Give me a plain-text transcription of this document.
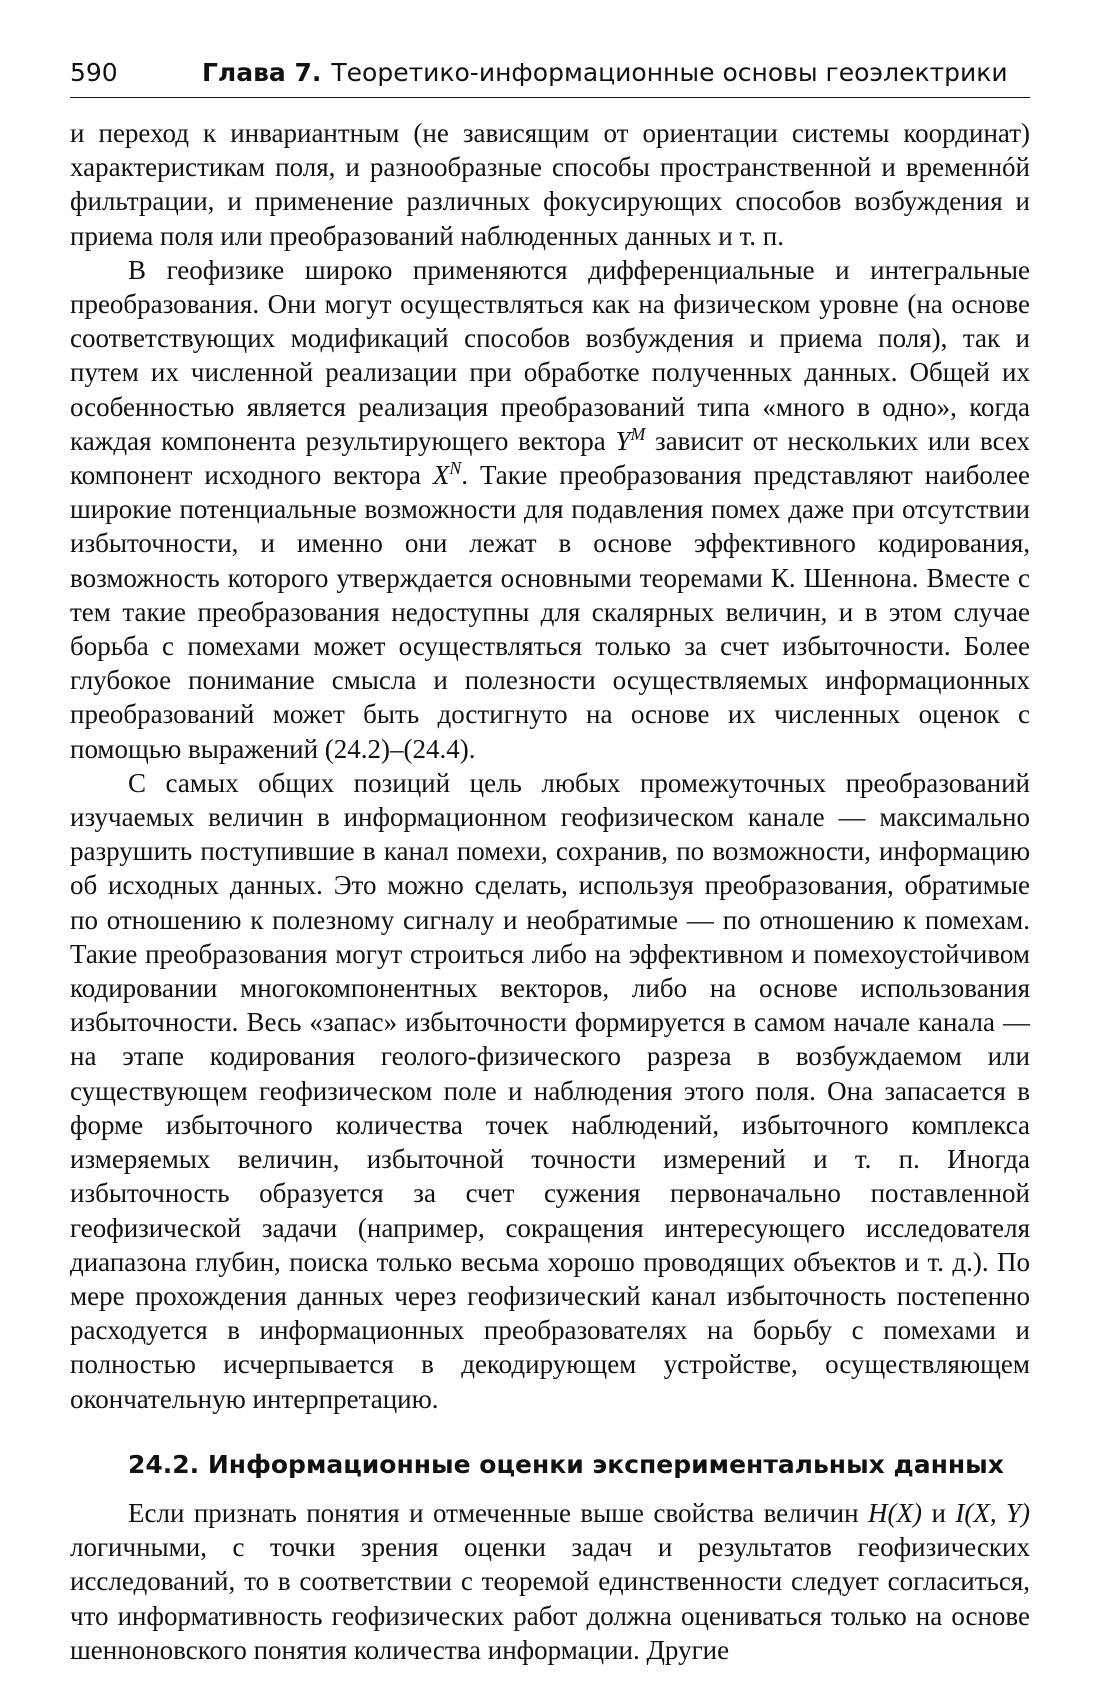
590	Глава 7. Теоретико-информационные основы геоэлектрики

и переход к инвариантным (не зависящим от ориентации системы координат) характеристикам поля, и разнообразные способы пространственной и временнóй фильтрации, и применение различных фокусирующих способов возбуждения и приема поля или преобразований наблюденных данных и т. п.

В геофизике широко применяются дифференциальные и интегральные преобразования. Они могут осуществляться как на физическом уровне (на основе соответствующих модификаций способов возбуждения и приема поля), так и путем их численной реализации при обработке полученных данных. Общей их особенностью является реализация преобразований типа «много в одно», когда каждая компонента результирующего вектора $Y^M$ зависит от нескольких или всех компонент исходного вектора $X^N$. Такие преобразования представляют наиболее широкие потенциальные возможности для подавления помех даже при отсутствии избыточности, и именно они лежат в основе эффективного кодирования, возможность которого утверждается основными теоремами К. Шеннона. Вместе с тем такие преобразования недоступны для скалярных величин, и в этом случае борьба с помехами может осуществляться только за счет избыточности. Более глубокое понимание смысла и полезности осуществляемых информационных преобразований может быть достигнуто на основе их численных оценок с помощью выражений (24.2)–(24.4).

С самых общих позиций цель любых промежуточных преобразований изучаемых величин в информационном геофизическом канале — максимально разрушить поступившие в канал помехи, сохранив, по возможности, информацию об исходных данных. Это можно сделать, используя преобразования, обратимые по отношению к полезному сигналу и необратимые — по отношению к помехам. Такие преобразования могут строиться либо на эффективном и помехоустойчивом кодировании многокомпонентных векторов, либо на основе использования избыточности. Весь «запас» избыточности формируется в самом начале канала — на этапе кодирования геолого-физического разреза в возбуждаемом или существующем геофизическом поле и наблюдения этого поля. Она запасается в форме избыточного количества точек наблюдений, избыточного комплекса измеряемых величин, избыточной точности измерений и т. п. Иногда избыточность образуется за счет сужения первоначально поставленной геофизической задачи (например, сокращения интересующего исследователя диапазона глубин, поиска только весьма хорошо проводящих объектов и т. д.). По мере прохождения данных через геофизический канал избыточность постепенно расходуется в информационных преобразователях на борьбу с помехами и полностью исчерпывается в декодирующем устройстве, осуществляющем окончательную интерпретацию.

24.2. Информационные оценки экспериментальных данных

Если признать понятия и отмеченные выше свойства величин H(X) и I(X, Y) логичными, с точки зрения оценки задач и результатов геофизических исследований, то в соответствии с теоремой единственности следует согласиться, что информативность геофизических работ должна оцениваться только на основе шенноновского понятия количества информации. Другие
